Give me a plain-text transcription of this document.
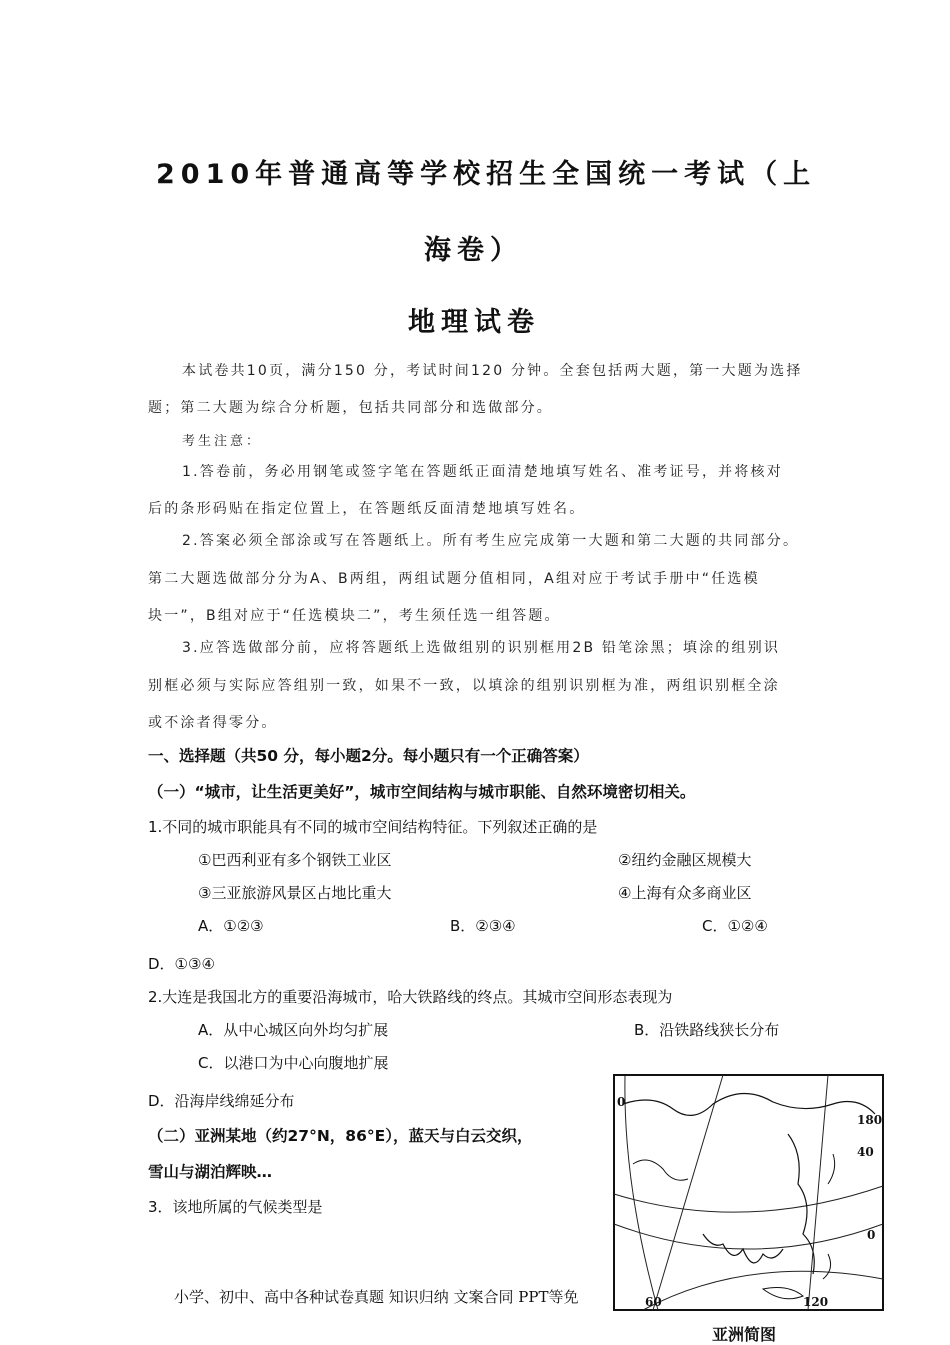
2010年普通高等学校招生全国统一考试（上
海卷）
地理试卷
本试卷共10页，满分150 分，考试时间120 分钟。全套包括两大题，第一大题为选择
题；第二大题为综合分析题，包括共同部分和选做部分。
考生注意：
1.答卷前，务必用钢笔或签字笔在答题纸正面清楚地填写姓名、准考证号，并将核对
后的条形码贴在指定位置上，在答题纸反面清楚地填写姓名。
2.答案必须全部涂或写在答题纸上。所有考生应完成第一大题和第二大题的共同部分。
第二大题选做部分分为A、B两组，两组试题分值相同，A组对应于考试手册中“任选模
块一”，B组对应于“任选模块二”，考生须任选一组答题。
3.应答选做部分前，应将答题纸上选做组别的识别框用2B 铅笔涂黑；填涂的组别识
别框必须与实际应答组别一致，如果不一致，以填涂的组别识别框为准，两组识别框全涂
或不涂者得零分。
一、选择题（共50 分，每小题2分。每小题只有一个正确答案）
（一）“城市，让生活更美好”，城市空间结构与城市职能、自然环境密切相关。
1.不同的城市职能具有不同的城市空间结构特征。下列叙述正确的是
①巴西利亚有多个钢铁工业区	②纽约金融区规模大
③三亚旅游风景区占地比重大	④上海有众多商业区
A．①②③	B．②③④	C．①②④
D．①③④
2.大连是我国北方的重要沿海城市，哈大铁路线的终点。其城市空间形态表现为
A．从中心城区向外均匀扩展	B．沿铁路线狭长分布
C．以港口为中心向腹地扩展
D．沿海岸线绵延分布
（二）亚洲某地（约27°N，86°E），蓝天与白云交织，
雪山与湖泊辉映…
3．该地所属的气候类型是
小学、初中、高中各种试卷真题 知识归纳 文案合同 PPT等免
0
180
40
0
60	120
亚洲简图
